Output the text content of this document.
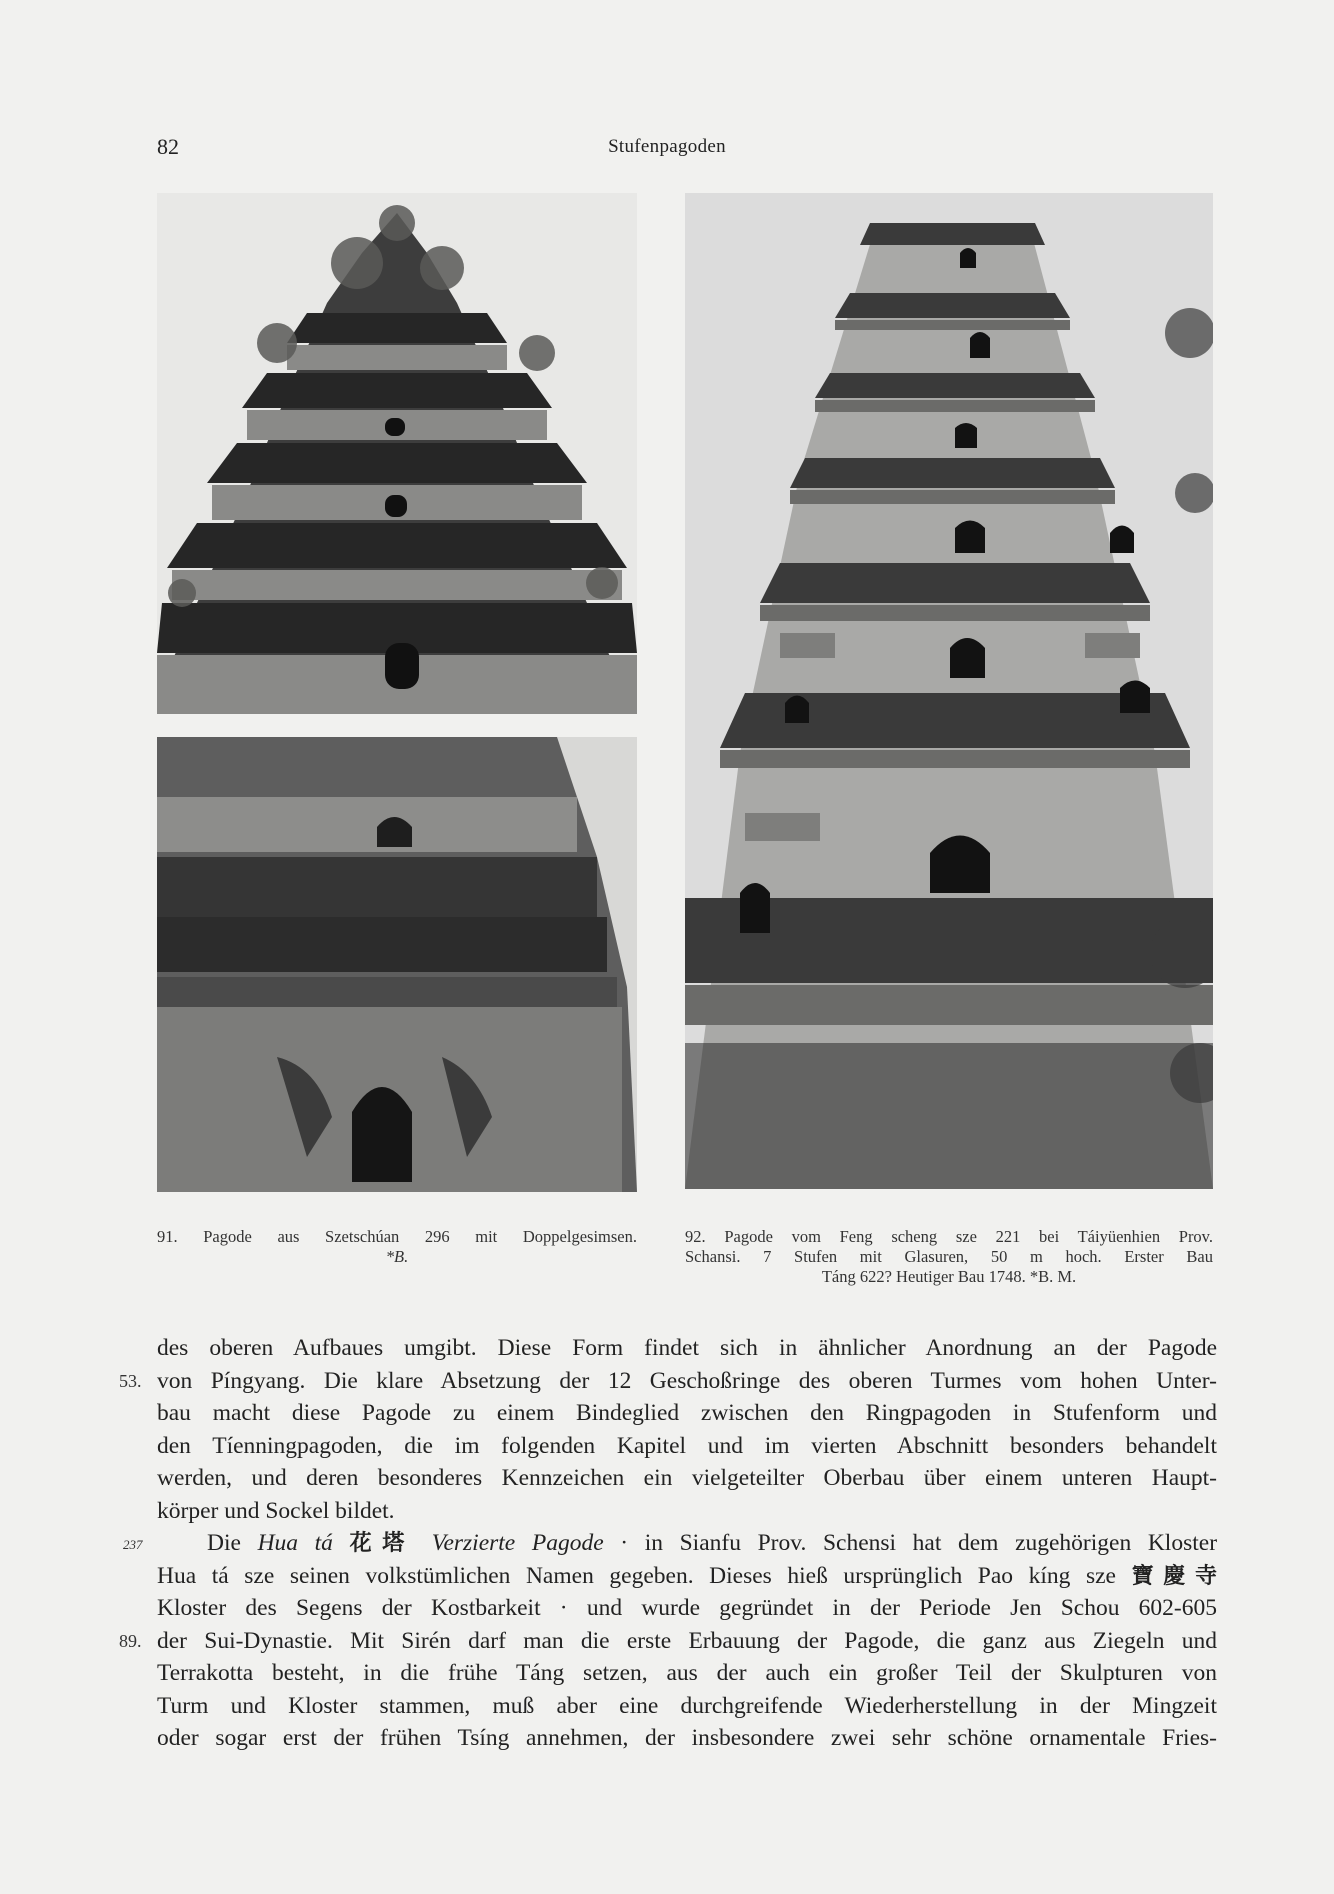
82	Stufenpagoden
91. Pagode aus Szetschúan 296 mit Doppelgesimsen.
*B.
92. Pagode vom Feng scheng sze 221 bei Táiyüenhien Prov.
Schansi. 7 Stufen mit Glasuren, 50 m hoch. Erster Bau
Táng 622? Heutiger Bau 1748. *B. M.
des oberen Aufbaues umgibt. Diese Form findet sich in ähnlicher Anordnung an der Pagode
53. von Píngyang. Die klare Absetzung der 12 Geschoßringe des oberen Turmes vom hohen Unter-
bau macht diese Pagode zu einem Bindeglied zwischen den Ringpagoden in Stufenform und
den Tíenningpagoden, die im folgenden Kapitel und im vierten Abschnitt besonders behandelt
werden, und deren besonderes Kennzeichen ein vielgeteilter Oberbau über einem unteren Haupt-
körper und Sockel bildet.
237	Die Hua tá 花塔 Verzierte Pagode · in Sianfu Prov. Schensi hat dem zugehörigen Kloster
Hua tá sze seinen volkstümlichen Namen gegeben. Dieses hieß ursprünglich Pao kíng sze 寶慶寺
Kloster des Segens der Kostbarkeit · und wurde gegründet in der Periode Jen Schou 602-605
89. der Sui-Dynastie. Mit Sirén darf man die erste Erbauung der Pagode, die ganz aus Ziegeln und
Terrakotta besteht, in die frühe Táng setzen, aus der auch ein großer Teil der Skulpturen von
Turm und Kloster stammen, muß aber eine durchgreifende Wiederherstellung in der Mingzeit
oder sogar erst der frühen Tsíng annehmen, der insbesondere zwei sehr schöne ornamentale Fries-
